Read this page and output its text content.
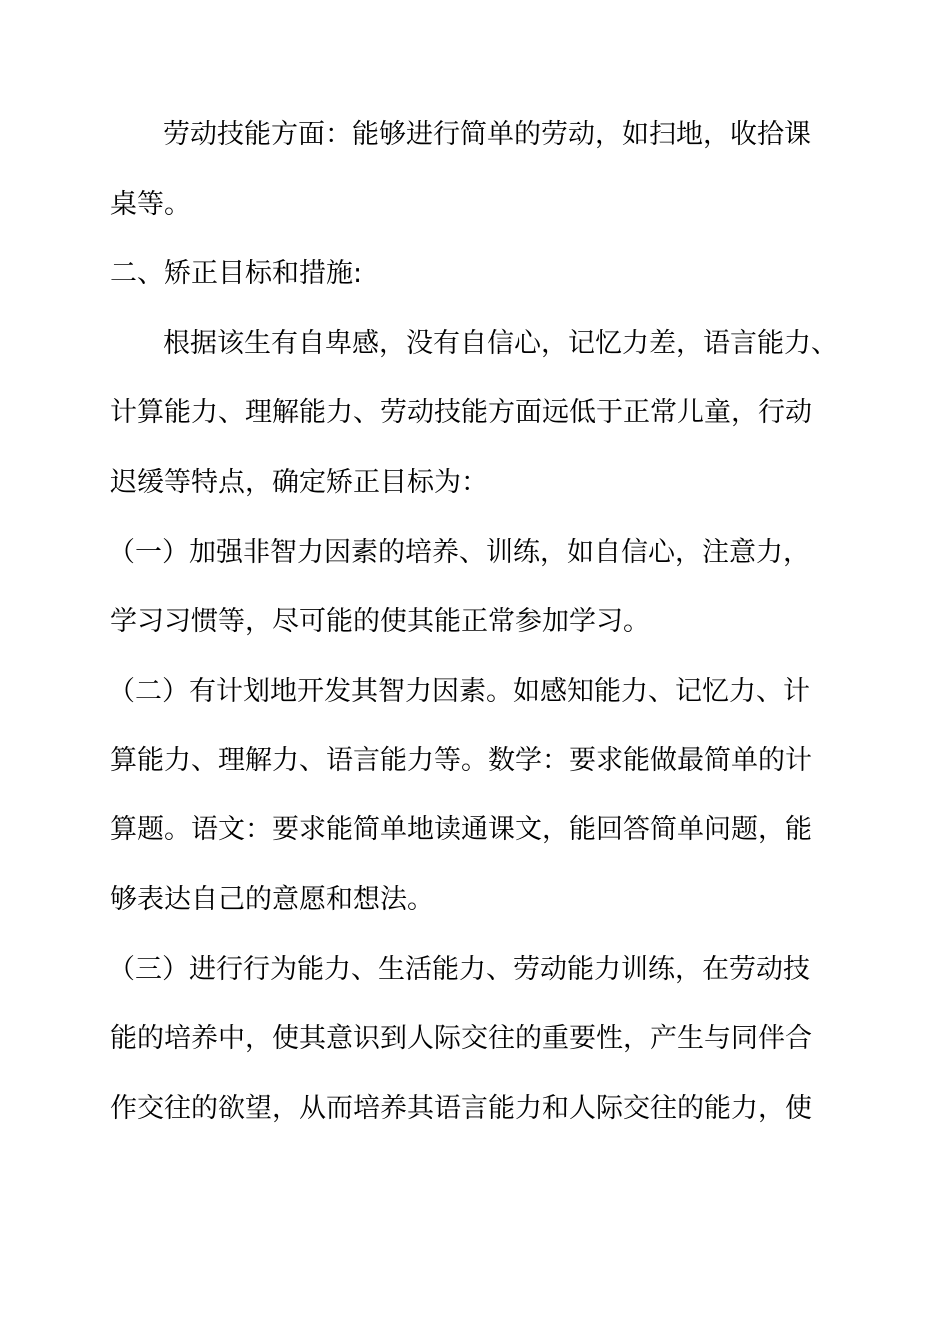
劳动技能方面：能够进行简单的劳动，如扫地，收拾课
桌等。
二、矫正目标和措施:
根据该生有自卑感，没有自信心，记忆力差，语言能力、
计算能力、理解能力、劳动技能方面远低于正常儿童，行动
迟缓等特点，确定矫正目标为：
（一）加强非智力因素的培养、训练，如自信心，注意力，
学习习惯等，尽可能的使其能正常参加学习。
（二）有计划地开发其智力因素。如感知能力、记忆力、计
算能力、理解力、语言能力等。数学：要求能做最简单的计
算题。语文：要求能简单地读通课文，能回答简单问题，能
够表达自己的意愿和想法。
（三）进行行为能力、生活能力、劳动能力训练，在劳动技
能的培养中，使其意识到人际交往的重要性，产生与同伴合
作交往的欲望，从而培养其语言能力和人际交往的能力，使
